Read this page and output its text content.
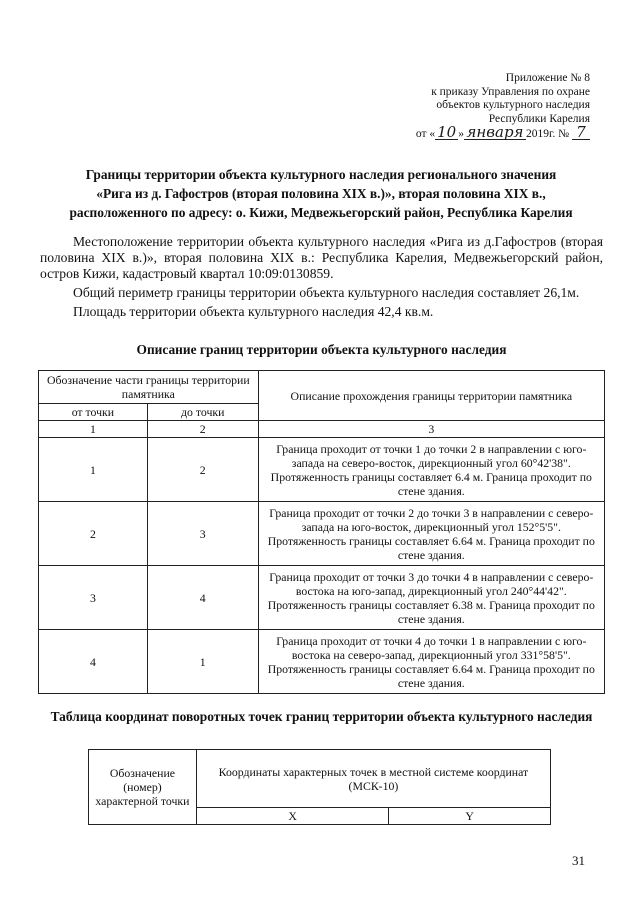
Приложение № 8
к приказу Управления по охране
объектов культурного наследия
Республики Карелия
от « 10 » января 2019г. № 7
Границы территории объекта культурного наследия регионального значения
«Рига из д. Гафостров (вторая половина XIX в.)», вторая половина XIX в.,
расположенного по адресу: о. Кижи, Медвежьегорский район, Республика Карелия

Местоположение территории объекта культурного наследия «Рига из д.Гафостров (вторая половина XIX в.)», вторая половина XIX в.: Республика Карелия, Медвежьегорский район, остров Кижи, кадастровый квартал 10:09:0130859.

Общий периметр границы территории объекта культурного наследия составляет 26,1м.

Площадь территории объекта культурного наследия 42,4 кв.м.

Описание границ территории объекта культурного наследия
Обозначение части границы территории памятника		Описание прохождения границы территории памятника
от точки	до точки	
1	2	3
1	2	Граница проходит от точки 1 до точки 2 в направлении с юго-запада на северо-восток, дирекционный угол 60°42'38". Протяженность границы составляет 6.4 м. Граница проходит по стене здания.
2	3	Граница проходит от точки 2 до точки 3 в направлении с северо-запада на юго-восток, дирекционный угол 152°5'5". Протяженность границы составляет 6.64 м. Граница проходит по стене здания.
3	4	Граница проходит от точки 3 до точки 4 в направлении с северо-востока на юго-запад, дирекционный угол 240°44'42". Протяженность границы составляет 6.38 м. Граница проходит по стене здания.
4	1	Граница проходит от точки 4 до точки 1 в направлении с юго-востока на северо-запад, дирекционный угол 331°58'5". Протяженность границы составляет 6.64 м. Граница проходит по стене здания.
Таблица координат поворотных точек границ территории объекта культурного наследия
Обозначение (номер) характерной точки	Координаты характерных точек в местной системе координат (МСК-10)	
	X	Y
31
